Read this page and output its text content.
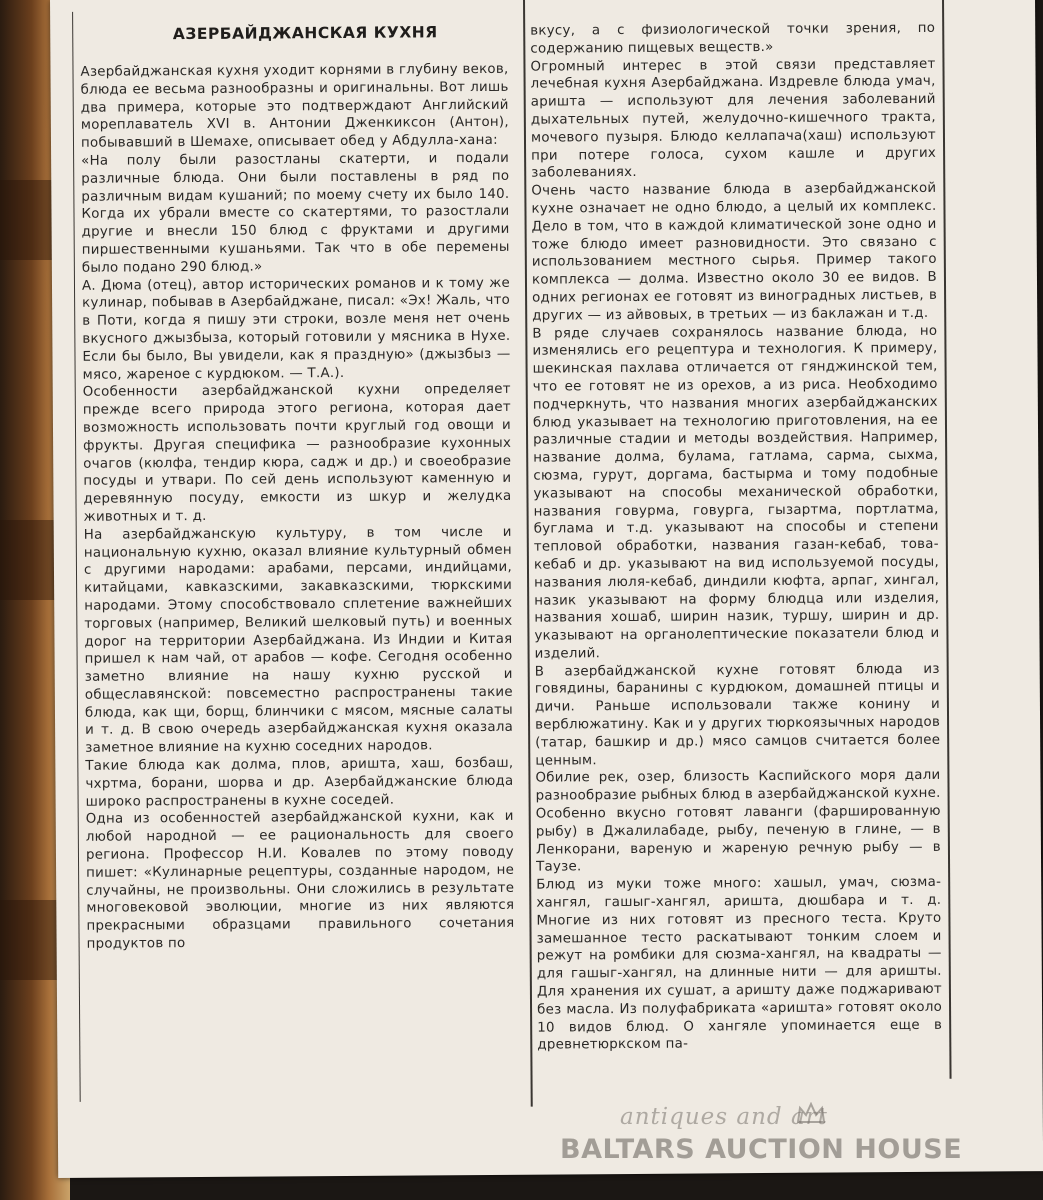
АЗЕРБАЙДЖАНСКАЯ КУХНЯ

Азербайджанская кухня уходит корнями в глубину веков, блюда ее весьма разнообразны и оригинальны. Вот лишь два примера, которые это подтверждают Английский мореплаватель XVI в. Антонии Дженкиксон (Антон), побывавший в Шемахе, описывает обед у Абдулла-хана:

«На полу были разостланы скатерти, и подали различные блюда. Они были поставлены в ряд по различным видам кушаний; по моему счету их было 140. Когда их убрали вместе со скатертями, то разостлали другие и внесли 150 блюд с фруктами и другими пиршественными кушаньями. Так что в обе перемены было подано 290 блюд.»

А. Дюма (отец), автор исторических романов и к тому же кулинар, побывав в Азербайджане, писал: «Эх! Жаль, что в Поти, когда я пишу эти строки, возле меня нет очень вкусного джызбыза, который готовили у мясника в Нухе. Если бы было, Вы увидели, как я праздную» (джызбыз — мясо, жареное с курдюком. — Т.А.).

Особенности азербайджанской кухни определяет прежде всего природа этого региона, которая дает возможность использовать почти круглый год овощи и фрукты. Другая специфика — разнообразие кухонных очагов (кюлфа, тендир кюра, садж и др.) и своеобразие посуды и утвари. По сей день используют каменную и деревянную посуду, емкости из шкур и желудка животных и т. д.

На азербайджанскую культуру, в том числе и национальную кухню, оказал влияние культурный обмен с другими народами: арабами, персами, индийцами, китайцами, кавказскими, закавказскими, тюркскими народами. Этому способствовало сплетение важнейших торговых (например, Великий шелковый путь) и военных дорог на территории Азербайджана. Из Индии и Китая пришел к нам чай, от арабов — кофе. Сегодня особенно заметно влияние на нашу кухню русской и общеславянской: повсеместно распространены такие блюда, как щи, борщ, блинчики с мясом, мясные салаты и т. д. В свою очередь азербайджанская кухня оказала заметное влияние на кухню соседних народов.

Такие блюда как долма, плов, аришта, хаш, бозбаш, чхртма, борани, шорва и др. Азербайджанские блюда широко распространены в кухне соседей.

Одна из особенностей азербайджанской кухни, как и любой народной — ее рациональность для своего региона. Профессор Н.И. Ковалев по этому поводу пишет: «Кулинарные рецептуры, созданные народом, не случайны, не произвольны. Они сложились в результате многовековой эволюции, многие из них являются прекрасными образцами правильного сочетания продуктов по

вкусу, а с физиологической точки зрения, по содержанию пищевых веществ.»

Огромный интерес в этой связи представляет лечебная кухня Азербайджана. Издревле блюда умач, аришта — используют для лечения заболеваний дыхательных путей, желудочно-кишечного тракта, мочевого пузыря. Блюдо келлапача(хаш) используют при потере голоса, сухом кашле и других заболеваниях.

Очень часто название блюда в азербайджанской кухне означает не одно блюдо, а целый их комплекс. Дело в том, что в каждой климатической зоне одно и тоже блюдо имеет разновидности. Это связано с использованием местного сырья. Пример такого комплекса — долма. Известно около 30 ее видов. В одних регионах ее готовят из виноградных листьев, в других — из айвовых, в третьих — из баклажан и т.д.

В ряде случаев сохранялось название блюда, но изменялись его рецептура и технология. К примеру, шекинская пахлава отличается от гянджинской тем, что ее готовят не из орехов, а из риса. Необходимо подчеркнуть, что названия многих азербайджанских блюд указывает на технологию приготовления, на ее различные стадии и методы воздействия. Например, название долма, булама, гатлама, сарма, сыхма, сюзма, гурут, доргама, бастырма и тому подобные указывают на способы механической обработки, названия говурма, говурга, гызартма, портлатма, буглама и т.д. указывают на способы и степени тепловой обработки, названия газан-кебаб, това-кебаб и др. указывают на вид используемой посуды, названия люля-кебаб, диндили кюфта, арпаг, хингал, назик указывают на форму блюдца или изделия, названия хошаб, ширин назик, туршу, ширин и др. указывают на органолептические показатели блюд и изделий.

В азербайджанской кухне готовят блюда из говядины, баранины с курдюком, домашней птицы и дичи. Раньше использовали также конину и верблюжатину. Как и у других тюркоязычных народов (татар, башкир и др.) мясо самцов считается более ценным.

Обилие рек, озер, близость Каспийского моря дали разнообразие рыбных блюд в азербайджанской кухне. Особенно вкусно готовят лаванги (фаршированную рыбу) в Джалилабаде, рыбу, печеную в глине, — в Ленкорани, вареную и жареную речную рыбу — в Таузе.

Блюд из муки тоже много: хашыл, умач, сюзма-хангял, гашыг-хангял, аришта, дюшбара и т. д. Многие из них готовят из пресного теста. Круто замешанное тесто раскатывают тонким слоем и режут на ромбики для сюзма-хангял, на квадраты — для гашыг-хангял, на длинные нити — для аришты. Для хранения их сушат, а аришту даже поджаривают без масла. Из полуфабриката «аришта» готовят около 10 видов блюд. О хангяле упоминается еще в древнетюркском па-

antiques and art
BALTARS AUCTION HOUSE
